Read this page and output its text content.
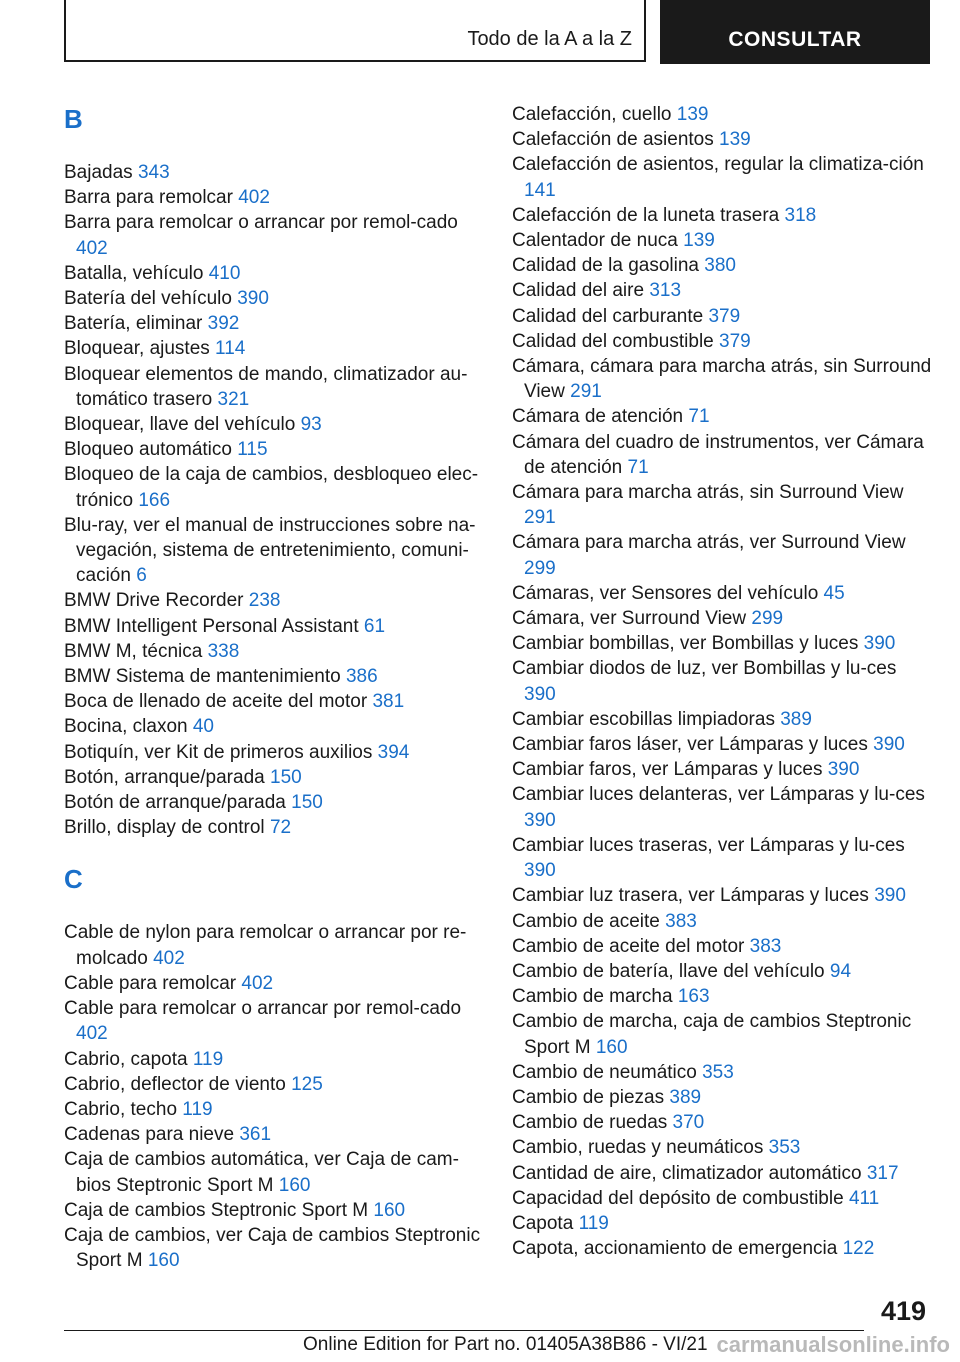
Todo de la A a la Z	CONSULTAR
B
Bajadas 343
Barra para remolcar 402
Barra para remolcar o arrancar por remol‐cado 402
Batalla, vehículo 410
Batería del vehículo 390
Batería, eliminar 392
Bloquear, ajustes 114
Bloquear elementos de mando, climatizador au‐tomático trasero 321
Bloquear, llave del vehículo 93
Bloqueo automático 115
Bloqueo de la caja de cambios, desbloqueo elec‐trónico 166
Blu-ray, ver el manual de instrucciones sobre na‐vegación, sistema de entretenimiento, comuni‐cación 6
BMW Drive Recorder 238
BMW Intelligent Personal Assistant 61
BMW M, técnica 338
BMW Sistema de mantenimiento 386
Boca de llenado de aceite del motor 381
Bocina, claxon 40
Botiquín, ver Kit de primeros auxilios 394
Botón, arranque/parada 150
Botón de arranque/parada 150
Brillo, display de control 72
C
Cable de nylon para remolcar o arrancar por re‐molcado 402
Cable para remolcar 402
Cable para remolcar o arrancar por remol‐cado 402
Cabrio, capota 119
Cabrio, deflector de viento 125
Cabrio, techo 119
Cadenas para nieve 361
Caja de cambios automática, ver Caja de cam‐bios Steptronic Sport M 160
Caja de cambios Steptronic Sport M 160
Caja de cambios, ver Caja de cambios Steptronic Sport M 160
Calefacción, cuello 139
Calefacción de asientos 139
Calefacción de asientos, regular la climatiza‐ción 141
Calefacción de la luneta trasera 318
Calentador de nuca 139
Calidad de la gasolina 380
Calidad del aire 313
Calidad del carburante 379
Calidad del combustible 379
Cámara, cámara para marcha atrás, sin Surround View 291
Cámara de atención 71
Cámara del cuadro de instrumentos, ver Cámara de atención 71
Cámara para marcha atrás, sin Surround View 291
Cámara para marcha atrás, ver Surround View 299
Cámaras, ver Sensores del vehículo 45
Cámara, ver Surround View 299
Cambiar bombillas, ver Bombillas y luces 390
Cambiar diodos de luz, ver Bombillas y lu‐ces 390
Cambiar escobillas limpiadoras 389
Cambiar faros láser, ver Lámparas y luces 390
Cambiar faros, ver Lámparas y luces 390
Cambiar luces delanteras, ver Lámparas y lu‐ces 390
Cambiar luces traseras, ver Lámparas y lu‐ces 390
Cambiar luz trasera, ver Lámparas y luces 390
Cambio de aceite 383
Cambio de aceite del motor 383
Cambio de batería, llave del vehículo 94
Cambio de marcha 163
Cambio de marcha, caja de cambios Steptronic Sport M 160
Cambio de neumático 353
Cambio de piezas 389
Cambio de ruedas 370
Cambio, ruedas y neumáticos 353
Cantidad de aire, climatizador automático 317
Capacidad del depósito de combustible 411
Capota 119
Capota, accionamiento de emergencia 122
419
Online Edition for Part no. 01405A38B86 - VI/21 carmanualsonline.info
